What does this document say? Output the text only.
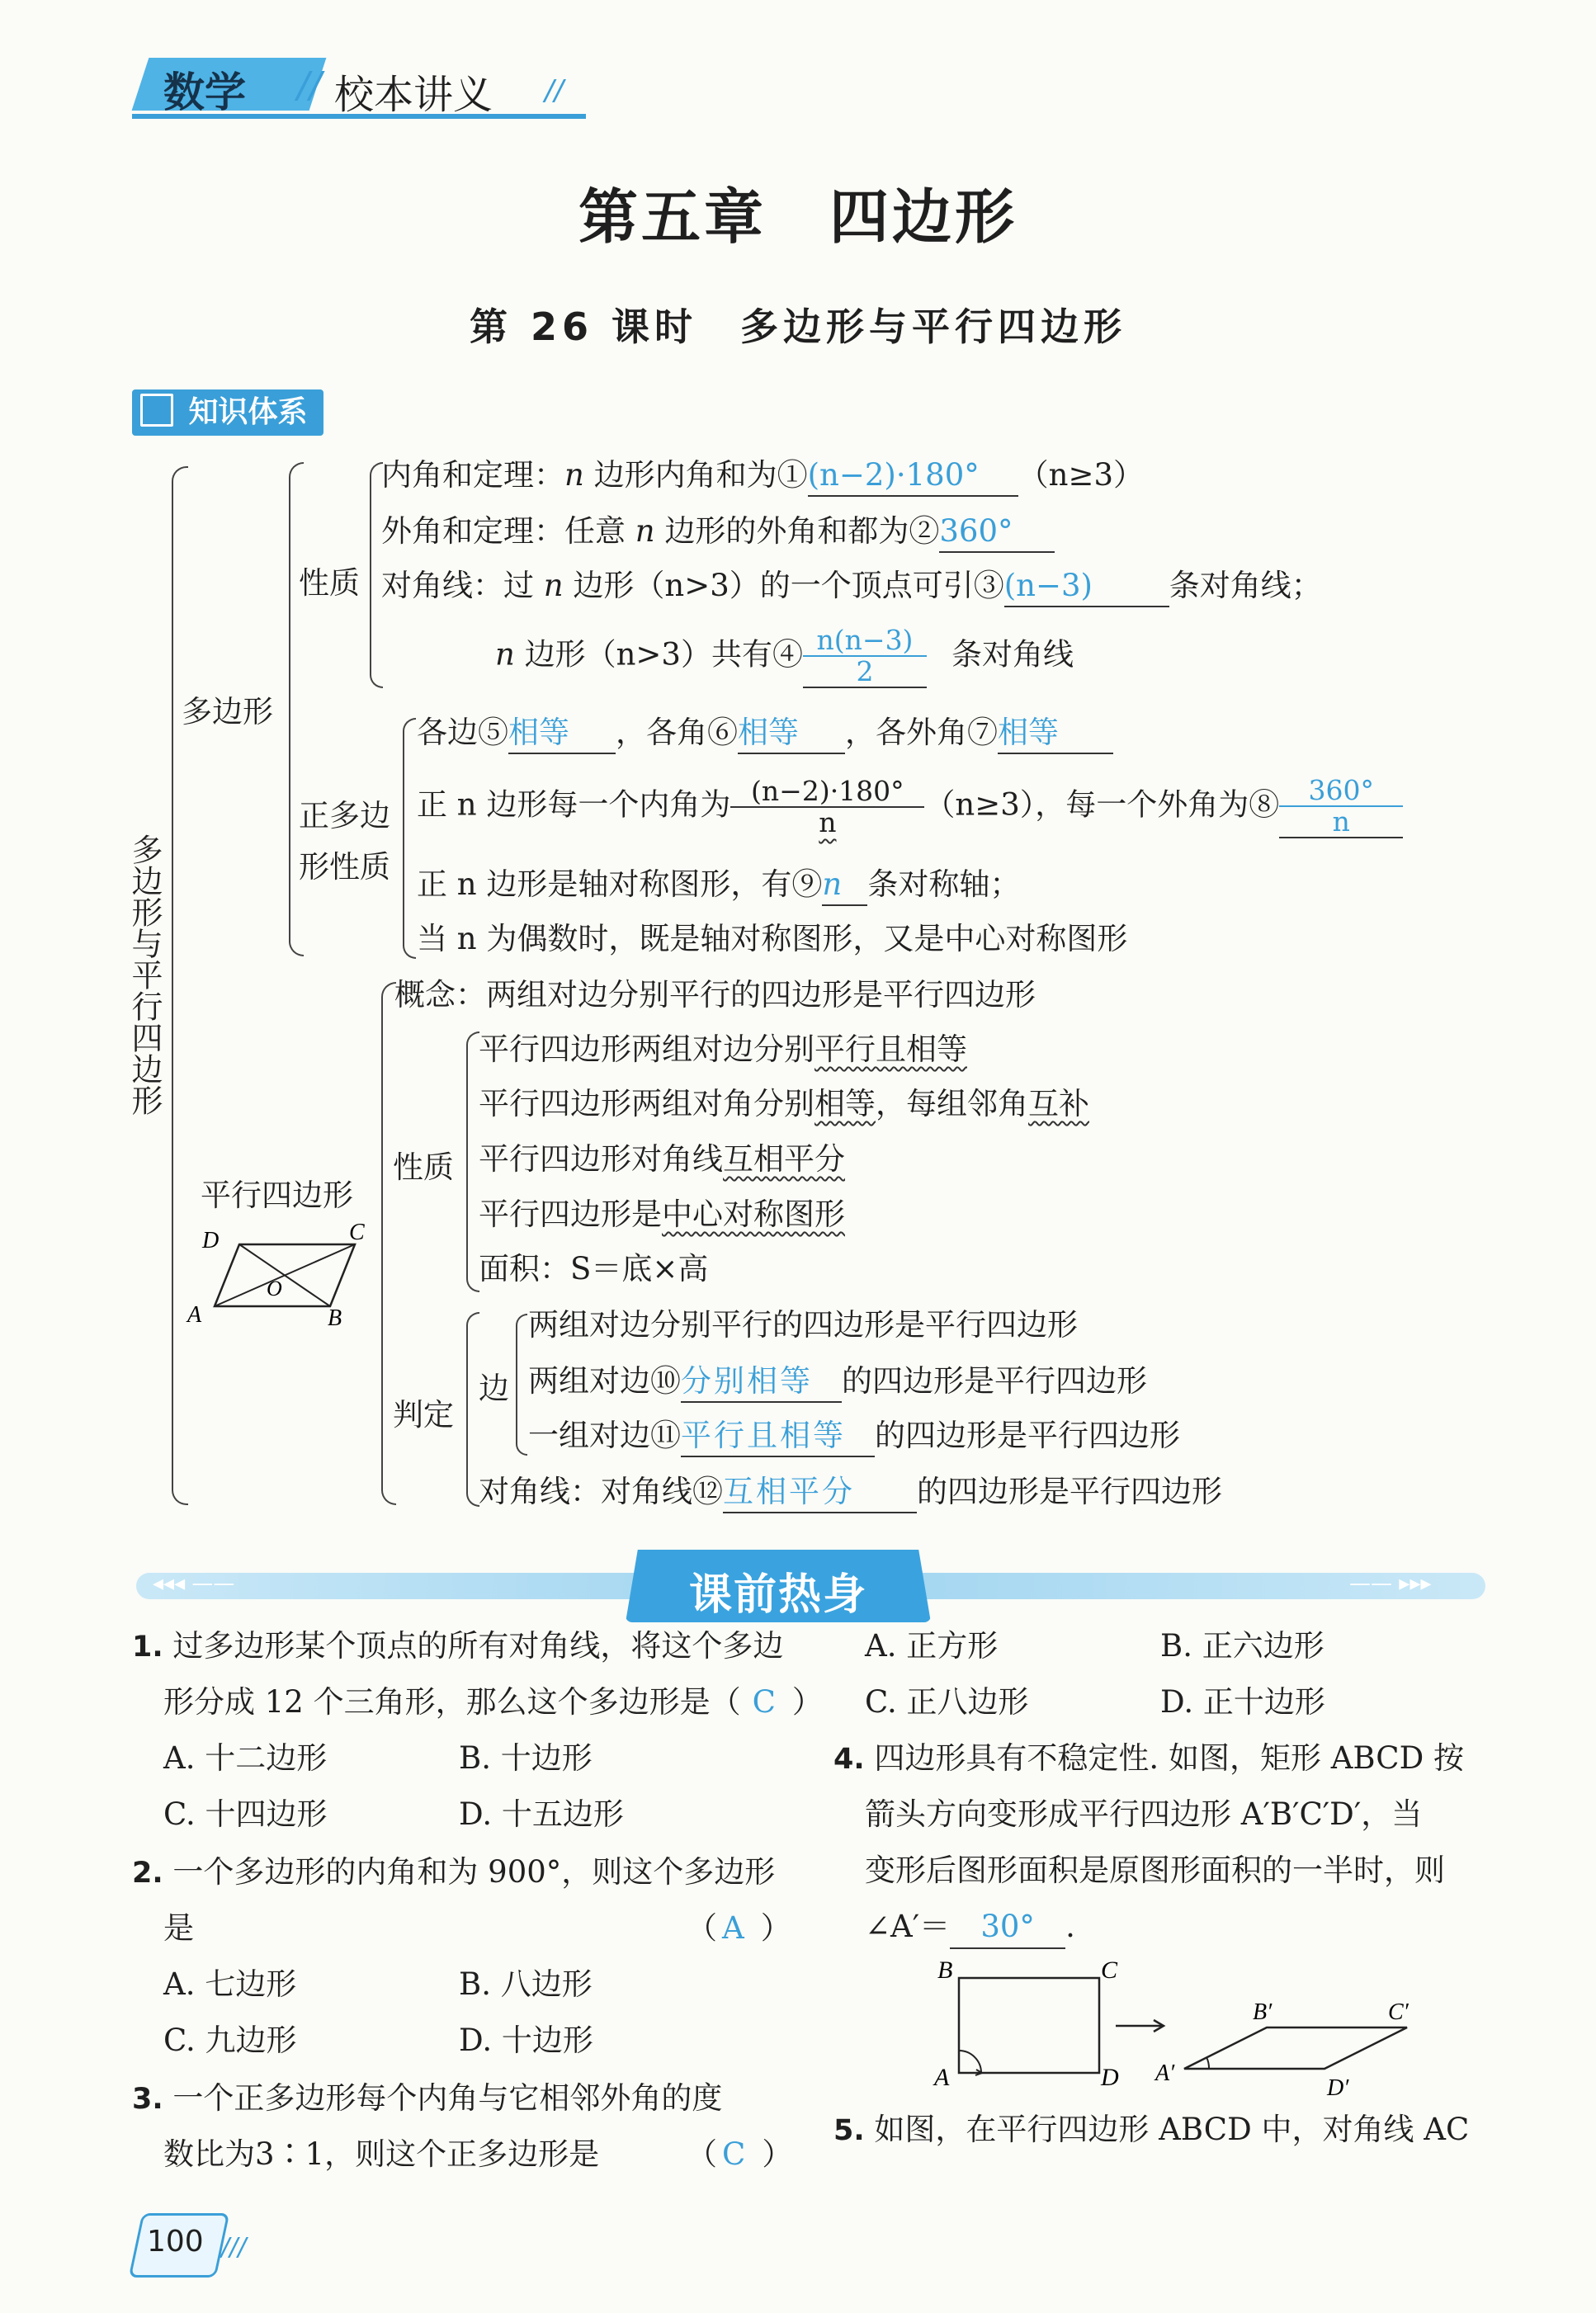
数学 // 校本讲义 //
第五章　四边形
第 26 课时　多边形与平行四边形
知识体系
多边形与平行四边形
多边形
性质
内角和定理：n 边形内角和为①(n−2)·180° （n≥3）
外角和定理：任意 n 边形的外角和都为②360°
对角线：过 n 边形（n>3）的一个顶点可引③(n−3)	条对角线；
n 边形（n>3）共有④ $\frac{n(n-3)}{2}$ 条对角线
正多边
形性质
各边⑤相等 ，各角⑥相等 ，各外角⑦相等
正 n 边形每一个内角为 $\frac{(n-2)\cdot 180^\circ}{n} (n\ge 3)$，每一个外角为⑧ $\frac{360^\circ}{n}$
正 n 边形是轴对称图形，有⑨n 条对称轴；
当 n 为偶数时，既是轴对称图形，又是中心对称图形
平行四边形
D	C
A	B
O
概念：两组对边分别平行的四边形是平行四边形
性质
平行四边形两组对边分别平行且相等
平行四边形两组对角分别相等，每组邻角互补
平行四边形对角线互相平分
平行四边形是中心对称图形
面积：S＝底×高
判定
边
两组对边分别平行的四边形是平行四边形
两组对边⑩分别相等 的四边形是平行四边形
一组对边⑪平行且相等 的四边形是平行四边形
对角线：对角线⑫互相平分 的四边形是平行四边形
◂◂◂ ——	—— ▸▸▸
课前热身
1. 过多边形某个顶点的所有对角线，将这个多边
形分成 12 个三角形，那么这个多边形是（ C ）
A. 十二边形	B. 十边形
C. 十四边形	D. 十五边形
2. 一个多边形的内角和为 900°，则这个多边形
是	（ A ）
A. 七边形	B. 八边形
C. 九边形	D. 十边形
3. 一个正多边形每个内角与它相邻外角的度
数比为3∶1，则这个正多边形是	（ C ）
A. 正方形	B. 正六边形
C. 正八边形	D. 正十边形
4. 四边形具有不稳定性. 如图，矩形 ABCD 按
箭头方向变形成平行四边形 A′B′C′D′，当
变形后图形面积是原图形面积的一半时，则
∠A′＝ 30° .
B	C
A	D A′
B′	C′
D′
5. 如图，在平行四边形 ABCD 中，对角线 AC
100 ///
